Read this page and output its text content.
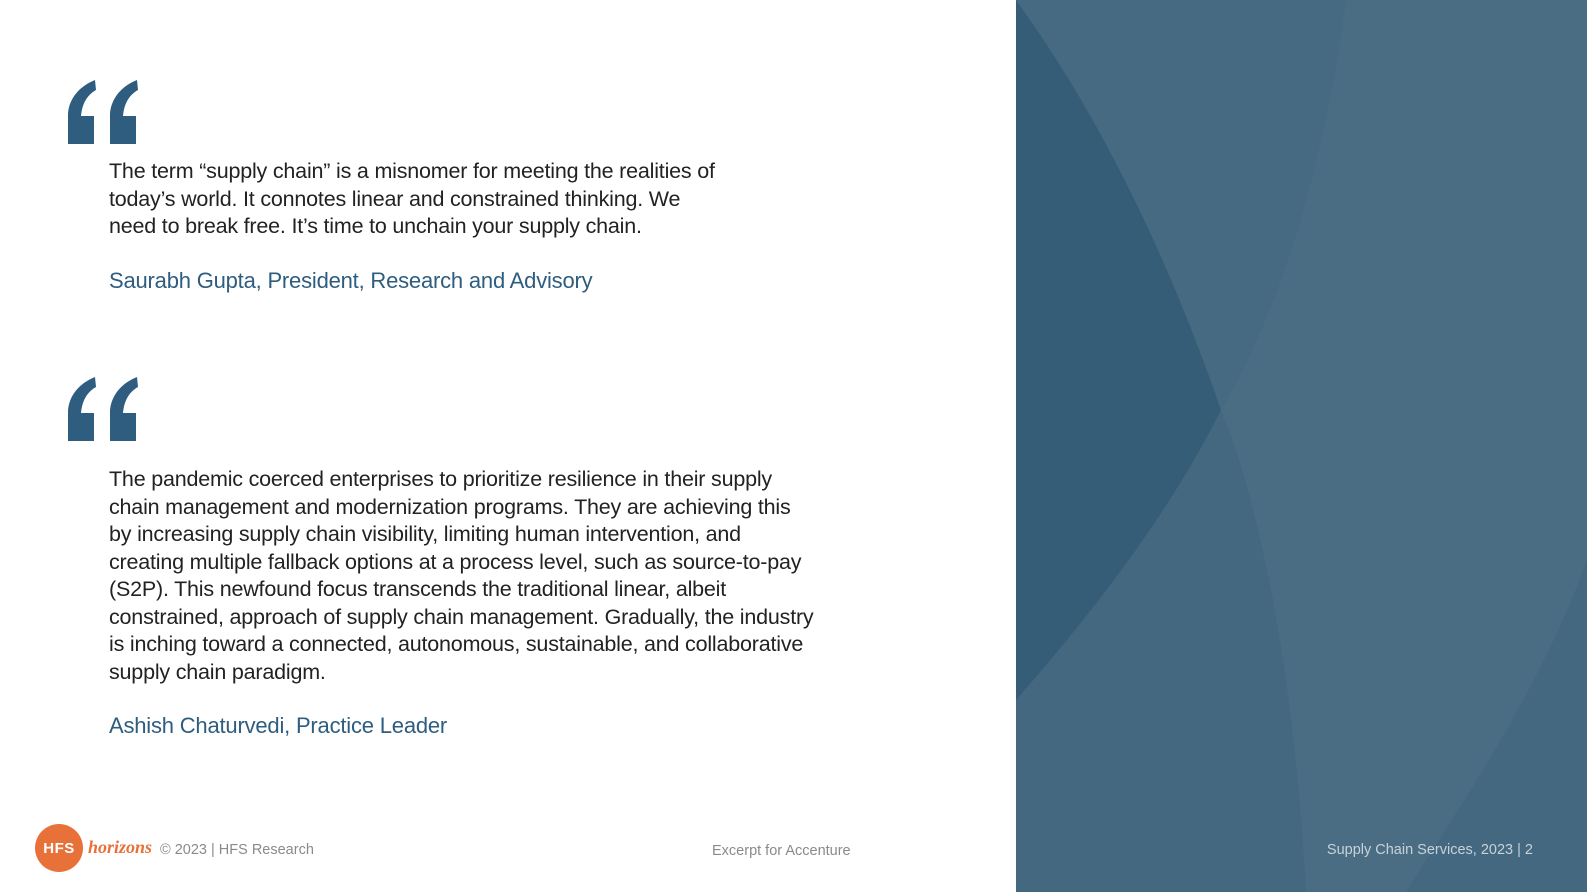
The term “supply chain” is a misnomer for meeting the realities of
today’s world. It connotes linear and constrained thinking. We
need to break free. It’s time to unchain your supply chain.
Saurabh Gupta, President, Research and Advisory
The pandemic coerced enterprises to prioritize resilience in their supply
chain management and modernization programs. They are achieving this
by increasing supply chain visibility, limiting human intervention, and
creating multiple fallback options at a process level, such as source-to-pay
(S2P). This newfound focus transcends the traditional linear, albeit
constrained, approach of supply chain management. Gradually, the industry
is inching toward a connected, autonomous, sustainable, and collaborative
supply chain paradigm.
Ashish Chaturvedi, Practice Leader
HFS horizons © 2023 | HFS Research	Excerpt for Accenture	Supply Chain Services, 2023 | 2
